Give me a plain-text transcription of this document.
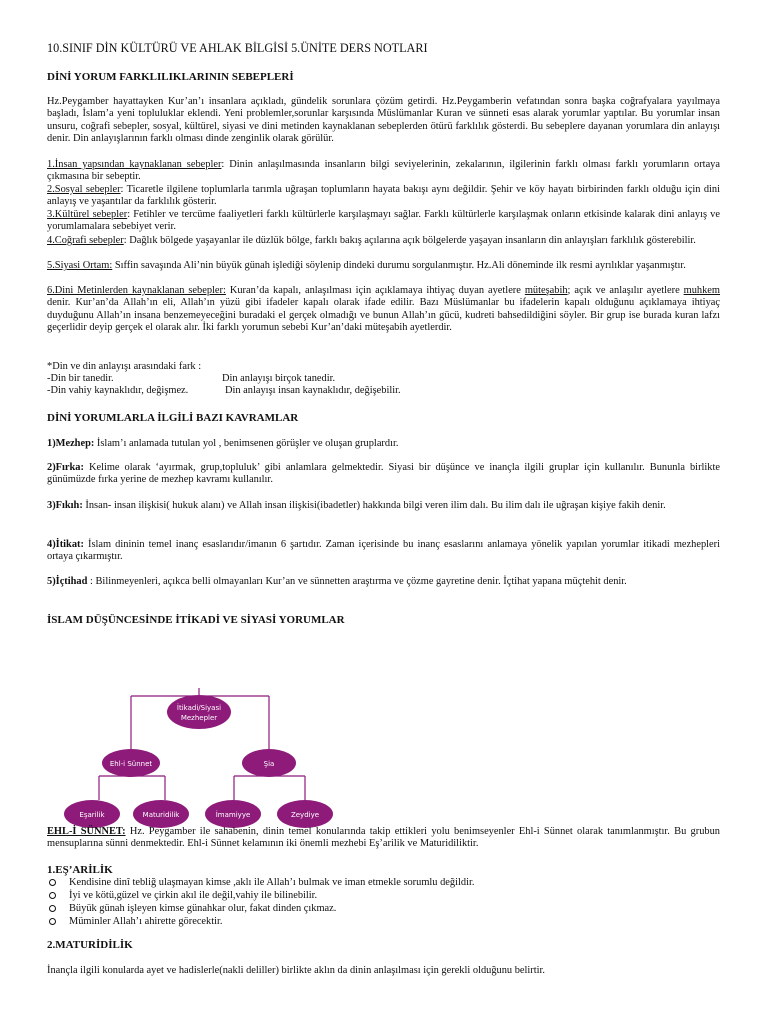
10.SINIF DİN KÜLTÜRÜ VE AHLAK BİLGİSİ 5.ÜNİTE DERS NOTLARI
DİNİ YORUM FARKLILIKLARININ SEBEPLERİ
Hz.Peygamber hayattayken Kur’an’ı insanlara açıkladı, gündelik sorunlara çözüm getirdi. Hz.Peygamberin vefatından sonra başka coğrafyalara yayılmaya başladı, İslam’a yeni topluluklar eklendi. Yeni problemler,sorunlar karşısında Müslümanlar Kuran ve sünneti esas alarak yorumlar yaptılar. Bu yorumlar insan unsuru, coğrafi sebepler, sosyal, kültürel, siyasi ve dini metinden kaynaklanan sebeplerden ötürü farklılık gösterdi. Bu sebeplere dayanan yorumlara din anlayışı denir. Din anlayışlarının farklı olması dinde zenginlik olarak görülür.
1.İnsan yapsından kaynaklanan sebepler: Dinin anlaşılmasında insanların bilgi seviyelerinin, zekalarının, ilgilerinin farklı olması farklı yorumların ortaya çıkmasına bir sebeptir.
2.Sosyal sebepler: Ticaretle ilgilene toplumlarla tarımla uğraşan toplumların hayata bakışı aynı değildir. Şehir ve köy hayatı birbirinden farklı olduğu için dini anlayış ve yaşantılar da farklılık gösterir.
3.Kültürel sebepler: Fetihler ve tercüme faaliyetleri farklı kültürlerle karşılaşmayı sağlar. Farklı kültürlerle karşılaşmak onların etkisinde kalarak dini anlayış ve yorumlamalara sebebiyet verir.
4.Coğrafi sebepler: Dağlık bölgede yaşayanlar ile düzlük bölge, farklı bakış açılarına açık bölgelerde yaşayan insanların din anlayışları farklılık gösterebilir.
5.Siyasi Ortam: Sıffin savaşında Ali’nin büyük günah işlediği söylenip dindeki durumu sorgulanmıştır. Hz.Ali döneminde ilk resmi ayrılıklar yaşanmıştır.
6.Dini Metinlerden kaynaklanan sebepler: Kuran’da kapalı, anlaşılması için açıklamaya ihtiyaç duyan ayetlere müteşabih; açık ve anlaşılır ayetlere muhkem denir. Kur’an’da Allah’ın eli, Allah’ın yüzü gibi ifadeler kapalı olarak ifade edilir. Bazı Müslümanlar bu ifadelerin kapalı olduğunu açıklamaya ihtiyaç duyduğunu Allah’ın insana benzemeyeceğini buradaki el gerçek olmadığı ve bunun Allah’ın gücü, kudreti bahsedildiğini söyler. Bir grup ise burada kuran lafzı geçerlidir deyip gerçek el olarak alır. İki farklı yorumun sebebi Kur’an’daki müteşabih ayetlerdir.
*Din ve din anlayışı arasındaki fark :
-Din bir tanedir.	Din anlayışı birçok tanedir.
-Din vahiy kaynaklıdır, değişmez.	Din anlayışı insan kaynaklıdır, değişebilir.
DİNİ YORUMLARLA İLGİLİ BAZI KAVRAMLAR
1)Mezhep: İslam’ı anlamada tutulan yol , benimsenen görüşler ve oluşan gruplardır.
2)Fırka: Kelime olarak ‘ayırmak, grup,topluluk’ gibi anlamlara gelmektedir. Siyasi bir düşünce ve inançla ilgili gruplar için kullanılır. Bununla birlikte günümüzde fırka yerine de mezhep kavramı kullanılır.
3)Fıkıh: İnsan- insan ilişkisi( hukuk alanı) ve Allah insan ilişkisi(ibadetler) hakkında bilgi veren ilim dalı. Bu ilim dalı ile uğraşan kişiye fakih denir.
4)İtikat: İslam dininin temel inanç esaslarıdır/imanın 6 şartıdır. Zaman içerisinde bu inanç esaslarını anlamaya yönelik yapılan yorumlar itikadi mezhepleri ortaya çıkarmıştır.
5)İçtihad : Bilinmeyenleri, açıkca belli olmayanları Kur’an ve sünnetten araştırma ve çözme gayretine denir. İçtihat yapana müçtehit denir.
İSLAM DÜŞÜNCESİNDE İTİKADİ VE SİYASİ YORUMLAR
İtikadi/Siyasi
Mezhepler
Ehl-i Sünnet	Şia
Eşarilik	Maturidilik	İmamiyye	Zeydiye
EHL-İ SÜNNET: Hz. Peygamber ile sahabenin, dinin temel konularında takip ettikleri yolu benimseyenler Ehl-i Sünnet olarak tanımlanmıştır. Bu grubun mensuplarına sünni denmektedir. Ehl-i Sünnet kelamının iki önemli mezhebi Eş’arilik ve Maturidiliktir.
1.EŞ’ARİLİK
Kendisine dinî tebliğ ulaşmayan kimse ,aklı ile Allah’ı bulmak ve iman etmekle sorumlu değildir.
İyi ve kötü,güzel ve çirkin akıl ile değil,vahiy ile bilinebilir.
Büyük günah işleyen kimse günahkar olur, fakat dinden çıkmaz.
Müminler Allah’ı ahirette görecektir.
2.MATURİDİLİK
İnançla ilgili konularda ayet ve hadislerle(nakli deliller) birlikte aklın da dinin anlaşılması için gerekli olduğunu belirtir.
